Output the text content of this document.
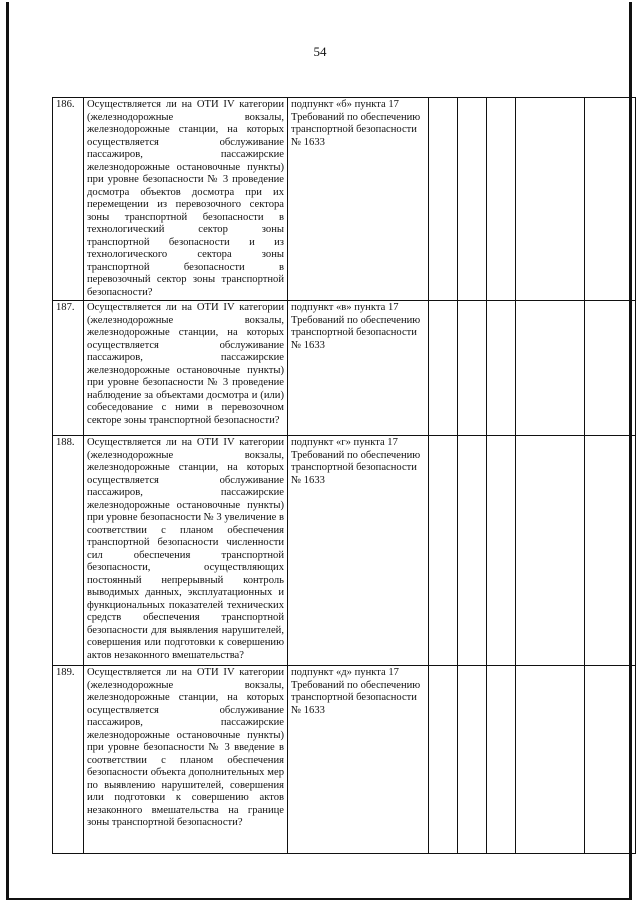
54
186.	Осуществляется ли на ОТИ IV категории (железнодорожные вокзалы, железнодорожные станции, на которых осуществляется обслуживание пассажиров, пассажирские железнодорожные остановочные пункты) при уровне безопасности № 3 проведение досмотра объектов досмотра при их перемещении из перевозочного сектора зоны транспортной безопасности в технологический сектор зоны транспортной безопасности и из технологического сектора зоны транспортной безопасности в перевозочный сектор зоны транспортной безопасности?	подпункт «б» пункта 17 Требований по обеспечению транспортной безопасности № 1633					
187.	Осуществляется ли на ОТИ IV категории (железнодорожные вокзалы, железнодорожные станции, на которых осуществляется обслуживание пассажиров, пассажирские железнодорожные остановочные пункты) при уровне безопасности № 3 проведение наблюдение за объектами досмотра и (или) собеседование с ними в перевозочном секторе зоны транспортной безопасности?	подпункт «в» пункта 17 Требований по обеспечению транспортной безопасности № 1633					
188.	Осуществляется ли на ОТИ IV категории (железнодорожные вокзалы, железнодорожные станции, на которых осуществляется обслуживание пассажиров, пассажирские железнодорожные остановочные пункты) при уровне безопасности № 3 увеличение в соответствии с планом обеспечения транспортной безопасности численности сил обеспечения транспортной безопасности, осуществляющих постоянный непрерывный контроль выводимых данных, эксплуатационных и функциональных показателей технических средств обеспечения транспортной безопасности для выявления нарушителей, совершения или подготовки к совершению актов незаконного вмешательства?	подпункт «г» пункта 17 Требований по обеспечению транспортной безопасности № 1633					
189.	Осуществляется ли на ОТИ IV категории (железнодорожные вокзалы, железнодорожные станции, на которых осуществляется обслуживание пассажиров, пассажирские железнодорожные остановочные пункты) при уровне безопасности № 3 введение в соответствии с планом обеспечения безопасности объекта дополнительных мер по выявлению нарушителей, совершения или подготовки к совершению актов незаконного вмешательства на границе зоны транспортной безопасности?	подпункт «д» пункта 17 Требований по обеспечению транспортной безопасности № 1633					
